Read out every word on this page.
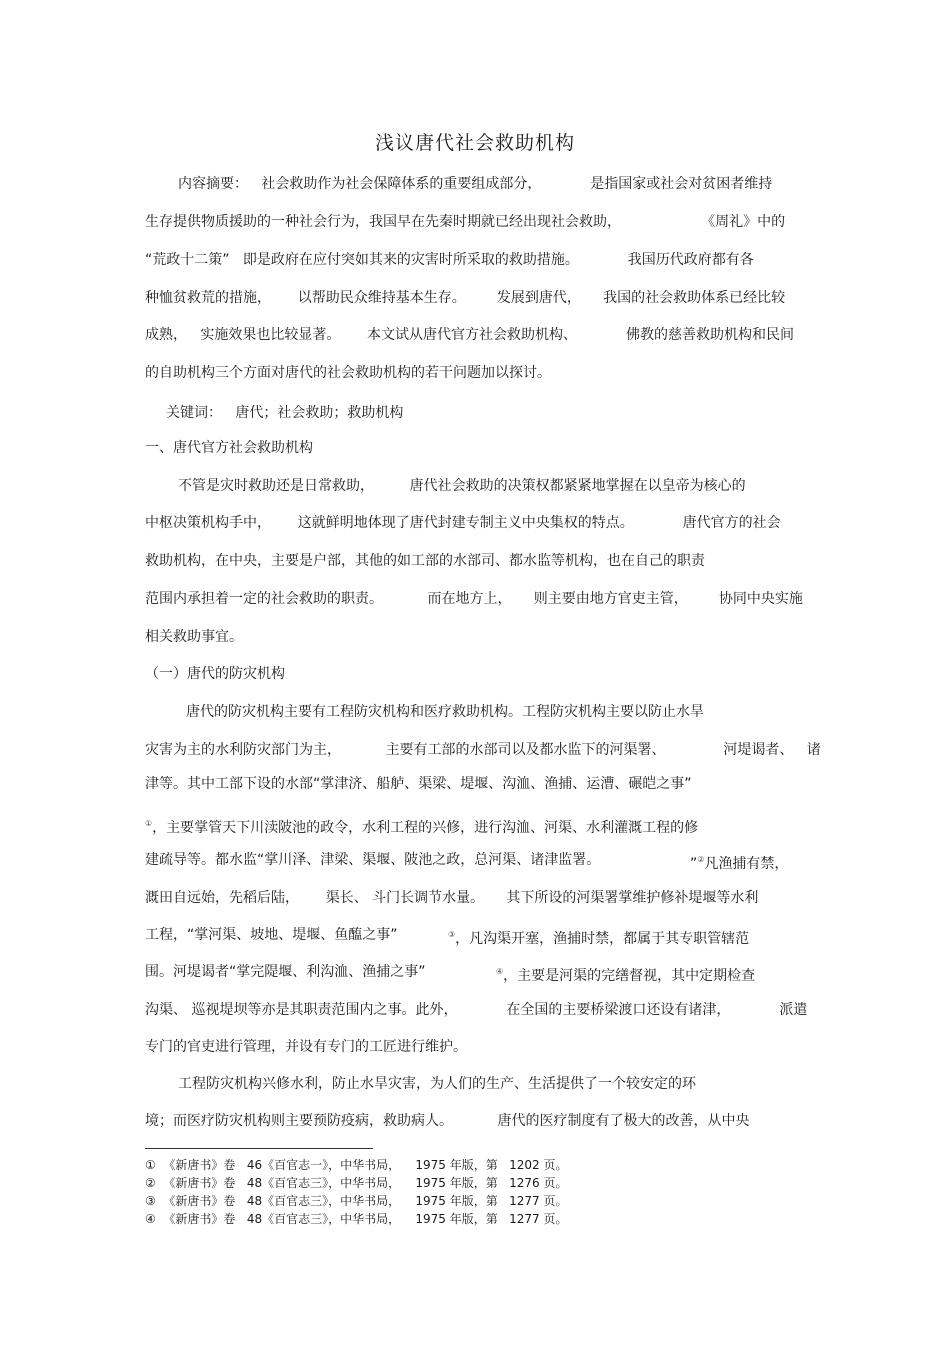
浅议唐代社会救助机构
内容摘要：   社会救助作为社会保障体系的重要组成部分，           是指国家或社会对贫困者维持
生存提供物质援助的一种社会行为，我国早在先秦时期就已经出现社会救助，                  《周礼》中的
“荒政十二策”   即是政府在应付突如其来的灾害时所采取的救助措施。           我国历代政府都有各
种恤贫救荒的措施，      以帮助民众维持基本生存。       发展到唐代，     我国的社会救助体系已经比较
成熟，   实施效果也比较显著。      本文试从唐代官方社会救助机构、           佛教的慈善救助机构和民间
的自助机构三个方面对唐代的社会救助机构的若干问题加以探讨。
关键词：   唐代；社会救助；救助机构
一、唐代官方社会救助机构
不管是灾时救助还是日常救助，        唐代社会救助的决策权都紧紧地掌握在以皇帝为核心的
中枢决策机构手中，      这就鲜明地体现了唐代封建专制主义中央集权的特点。           唐代官方的社会
救助机构，在中央，主要是户部，其他的如工部的水部司、都水监等机构，也在自己的职责
范围内承担着一定的社会救助的职责。          而在地方上，     则主要由地方官吏主管，       协同中央实施
相关救助事宜。
（一）唐代的防灾机构
唐代的防灾机构主要有工程防灾机构和医疗救助机构。工程防灾机构主要以防止水旱
灾害为主的水利防灾部门为主，          主要有工部的水部司以及都水监下的河渠署、             河堤谒者、   诸
津等。其中工部下设的水部“掌津济、船舻、渠梁、堤堰、沟洫、渔捕、运漕、碾皑之事”
①，主要掌管天下川渎陂池的政令，水利工程的兴修，进行沟洫、河渠、水利灌溉工程的修
建疏导等。都水监“掌川泽、津梁、渠堰、陂池之政，总河渠、诸津监署。	”②凡渔捕有禁，
溉田自远始，先稻后陆，      渠长、 斗门长调节水量。     其下所设的河渠署掌维护修补堤堰等水利
工程，“掌河渠、坡地、堤堰、鱼醢之事”	③，凡沟渠开塞，渔捕时禁，都属于其专职管辖范
围。河堤谒者“掌完隄堰、利沟洫、渔捕之事”	④，主要是河渠的完缮督视，其中定期检查
沟渠、 巡视堤坝等亦是其职责范围内之事。此外，           在全国的主要桥梁渡口还设有诸津，           派遣
专门的官吏进行管理，并设有专门的工匠进行维护。
工程防灾机构兴修水利，防止水旱灾害，为人们的生产、生活提供了一个较安定的环
境；而医疗防灾机构则主要预防疫病，救助病人。          唐代的医疗制度有了极大的改善，从中央
①  《新唐书》卷   46《百官志一》，中华书局，    1975 年版，第   1202 页。
②  《新唐书》卷   48《百官志三》，中华书局，    1975 年版，第   1276 页。
③  《新唐书》卷   48《百官志三》，中华书局，    1975 年版，第   1277 页。
④  《新唐书》卷   48《百官志三》，中华书局，    1975 年版，第   1277 页。
